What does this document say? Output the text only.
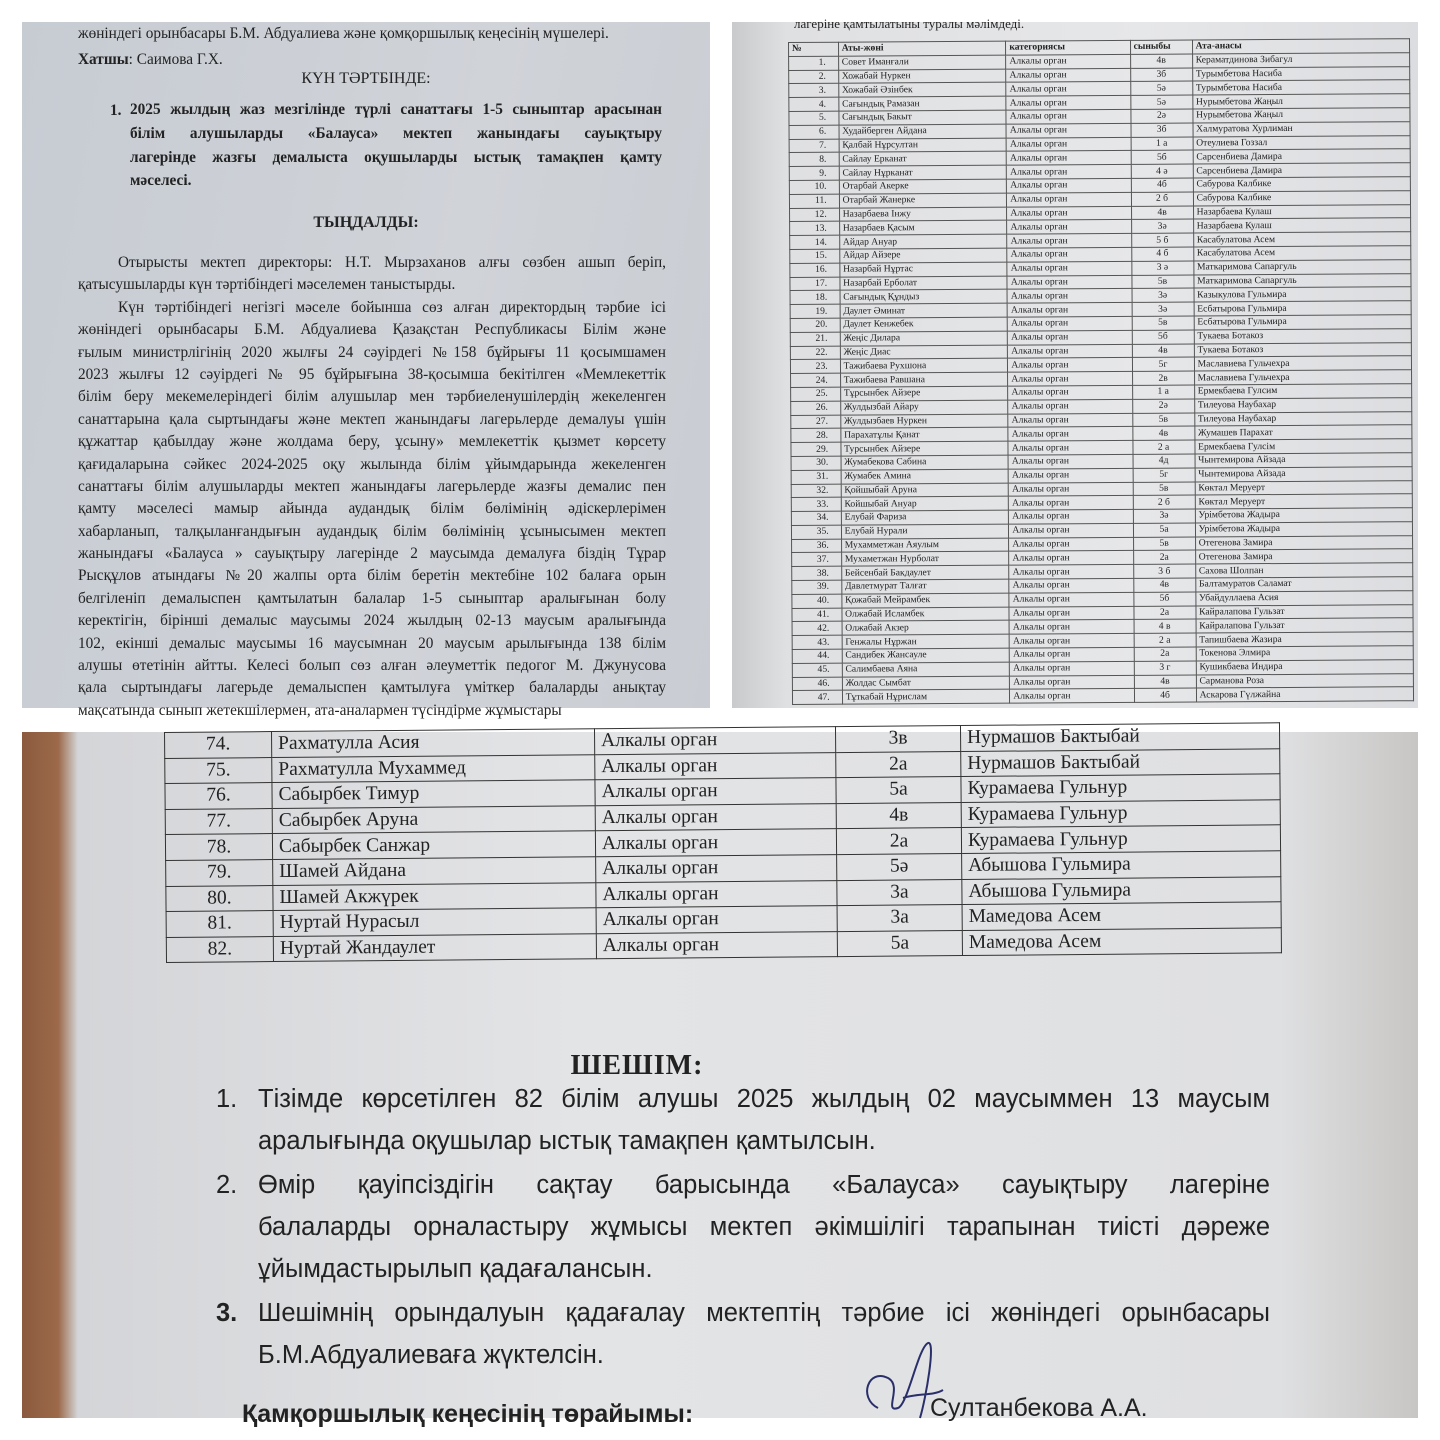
жөніндегі орынбасары Б.М. Абдуалиева және қомқоршылық кеңесінің мүшелері.
Хатшы: Саимова Г.Х.
КҮН ТӘРТБІНДЕ:
1. 2025 жылдың жаз мезгілінде түрлі санаттағы 1-5 сыныптар арасынан
білім алушыларды «Балауса» мектеп жанындағы сауықтыру
лагерінде жазғы демалыста оқушыларды ыстық тамақпен қамту
мәселесі.
ТЫҢДАЛДЫ:
Отырысты мектеп директоры: Н.Т. Мырзаханов алғы сөзбен ашып беріп,
қатысушыларды күн тәртібіндегі мәселемен таныстырды.
Күн тәртібіндегі негізгі мәселе бойынша сөз алған директордың тәрбие ісі
жөніндегі орынбасары Б.М. Абдуалиева Қазақстан Республикасы Білім және
ғылым министрлігінің 2020 жылғы 24 сәуірдегі №158 бұйрығы 11 қосымшамен
2023 жылғы 12 сәуірдегі № 95 бұйрығына 38-қосымша бекітілген «Мемлекеттік
білім беру мекемелеріндегі білім алушылар мен тәрбиеленушілердің жекеленген
санаттарына қала сыртындағы және мектеп жанындағы лагерьлерде демалуы үшін
құжаттар қабылдау және жолдама беру, ұсыну» мемлекеттік қызмет көрсету
қағидаларына сәйкес 2024-2025 оқу жылында білім ұйымдарында жекеленген
санаттағы білім алушыларды мектеп жанындағы лагерьлерде жазғы демалис пен
қамту мәселесі мамыр айында аудандық білім бөлімінің әдіскерлерімен
хабарланып, талқыланғандығын аудандық білім бөлімінің ұсынысымен мектеп
жанындағы «Балауса » сауықтыру лагерінде 2 маусымда демалуға біздің Тұрар
Рысқұлов атындағы №20 жалпы орта білім беретін мектебіне 102 балаға орын
белгіленіп демалыспен қамтылатын балалар 1-5 сыныптар аралығынан болу
керектігін, бірінші демалыс маусымы 2024 жылдың 02-13 маусым аралығында
102, екінші демалыс маусымы 16 маусымнан 20 маусым арылығында 138 білім
алушы өтетінін айтты. Келесі болып сөз алған әлеуметтік педогог М. Джунусова
қала сыртындағы лагерьде демалыспен қамтылуға үміткер балаларды анықтау
мақсатында сынып жетекшілермен, ата-аналармен түсіндірме жұмыстары
лагеріне қамтылатыны туралы мәлімдеді.
№	Аты-жөні	категориясы	сыныбы	Ата-анасы
1.	Совет Иманғали	Алкалы орган	4в	Кераматдинова Зибагул
2.	Хожабай Нуркен	Алкалы орган	3б	Турымбетова Насиба
3.	Хожабай Әзінбек	Алкалы орган	5ә	Турымбетова Насиба
4.	Сағындық Рамазан	Алкалы орган	5ә	Нурымбетова Жаңыл
5.	Сағындық Бакыт	Алкалы орган	2ә	Нурымбетова Жаңыл
6.	Худайберген Айдана	Алкалы орган	3б	Халмуратова Хурлиман
7.	Қалбай Нұрсултан	Алкалы орган	1 а	Отеулиева Гоззал
8.	Сайлау Ерканат	Алкалы орган	5б	Сарсенбиева Дамира
9.	Сайлау Нұрканат	Алкалы орган	4 ә	Сарсенбиева Дамира
10.	Отарбай Акерке	Алкалы орган	4б	Сабурова Калбике
11.	Отарбай Жанерке	Алкалы орган	2 б	Сабурова Калбике
12.	Назарбаева Інжу	Алкалы орган	4в	Назарбаева Кулаш
13.	Назарбаев Қасым	Алкалы орган	3ә	Назарбаева Кулаш
14.	Айдар Ануар	Алкалы орган	5 б	Касабулатова Асем
15.	Айдар Айзере	Алкалы орган	4 б	Касабулатова Асем
16.	Назарбай Нұртас	Алкалы орган	3 ә	Маткаримова Сапаргуль
17.	Назарбай Ерболат	Алкалы орган	5в	Маткаримова Сапаргуль
18.	Сағындық Құндыз	Алкалы орган	3ә	Казыкулова Гульмира
19.	Даулет Әминат	Алкалы орган	3ә	Есбатырова Гульмира
20.	Даулет Кенжебек	Алкалы орган	5в	Есбатырова Гульмира
21.	Жеңіс Дилара	Алкалы орган	5б	Тукаева Ботакоз
22.	Жеңіс Диас	Алкалы орган	4в	Тукаева Ботакоз
23.	Тажибаева Рухшона	Алкалы орган	5г	Маславиева Гульчехра
24.	Тажибаева Равшана	Алкалы орган	2в	Маславиева Гульчехра
25.	Тұрсынбек Айзере	Алкалы орган	1 а	Ермекбаева Гулсим
26.	Жулдызбай Айару	Алкалы орган	2ә	Тилеуова Наубахар
27.	Жулдызбаев Нуркен	Алкалы орган	5в	Тилеуова Наубахар
28.	Парахатұлы Қанат	Алкалы орган	4в	Жумашев Парахат
29.	Турсынбек Айзере	Алкалы орган	2 а	Ермекбаева Гулсім
30.	Жумабекова Сабина	Алкалы орган	4д	Чынтемирова Айзада
31.	Жумабек Амина	Алкалы орган	5г	Чынтемирова Айзада
32.	Қойшыбай Аруна	Алкалы орган	5в	Көктал Меруерт
33.	Койшыбай Ануар	Алкалы орган	2 б	Көктал Меруерт
34.	Елубай Фариза	Алкалы орган	3ә	Урімбетова Жадыра
35.	Елубай Нурали	Алкалы орган	5а	Урімбетова Жадыра
36.	Мухамметжан Аяулым	Алкалы орган	5в	Отегенова Замира
37.	Мухаметжан Нурболат	Алкалы орган	2а	Отегенова Замира
38.	Бейсенбай Бакдаулет	Алкалы орган	3 б	Сахова Шолпан
39.	Давлетмурат Талғат	Алкалы орган	4в	Балтамуратов Саламат
40.	Қожабай Мейрамбек	Алкалы орган	5б	Убайдуллаева Асия
41.	Олжабай Исламбек	Алкалы орган	2а	Кайралапова Гульзат
42.	Олжабай Акзер	Алкалы орган	4 в	Кайралапова Гульзат
43.	Генжалы Нұржан	Алкалы орган	2 а	Тапишбаева Жазира
44.	Сандибек Жансауле	Алкалы орган	2а	Токенова Элмира
45.	Салимбаева Аяна	Алкалы орган	3 г	Кушикбаева Индира
46.	Жолдас Сымбат	Алкалы орган	4в	Сарманова Роза
47.	Тұткабай Нұрислам	Алкалы орган	4б	Аскарова Гүлжайна
74.	Рахматулла Асия	Алкалы орган	3в	Нурмашов Бактыбай
75.	Рахматулла Мухаммед	Алкалы орган	2а	Нурмашов Бактыбай
76.	Сабырбек Тимур	Алкалы орган	5а	Курамаева Гульнур
77.	Сабырбек Аруна	Алкалы орган	4в	Курамаева Гульнур
78.	Сабырбек Санжар	Алкалы орган	2а	Курамаева Гульнур
79.	Шамей Айдана	Алкалы орган	5ә	Абышова Гульмира
80.	Шамей Акжүрек	Алкалы орган	3а	Абышова Гульмира
81.	Нуртай Нурасыл	Алкалы орган	3а	Мамедова Асем
82.	Нуртай Жандаулет	Алкалы орган	5а	Мамедова Асем
ШЕШІМ:
1. Тізімде көрсетілген 82 білім алушы 2025 жылдың 02 маусыммен 13 маусым
аралығында оқушылар ыстық тамақпен қамтылсын.
2. Өмір қауіпсіздігін сақтау барысында «Балауса» сауықтыру лагеріне
балаларды орналастыру жұмысы мектеп әкімшілігі тарапынан тиісті дәреже
ұйымдастырылып қадағалансын.
3. Шешімнің орындалуын қадағалау мектептің тәрбие ісі жөніндегі орынбасары
Б.М.Абдуалиеваға жүктелсін.
Қамқоршылық кеңесінің төрайымы:	Султанбекова А.А.
